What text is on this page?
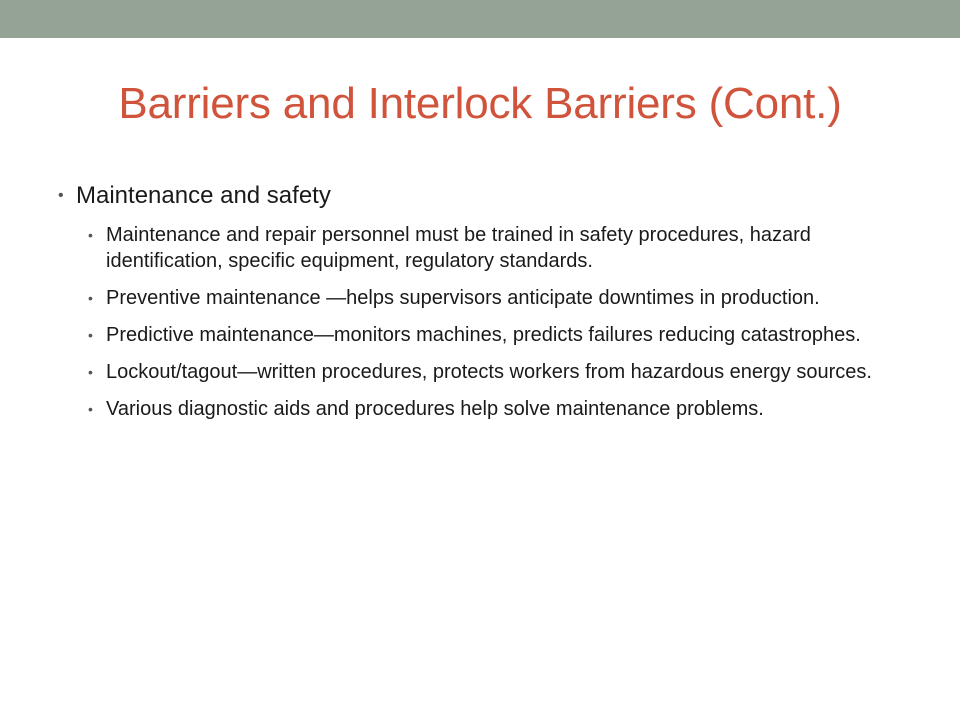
Barriers and Interlock Barriers (Cont.)
• Maintenance and safety
• Maintenance and repair personnel must be trained in safety procedures, hazard identification, specific equipment, regulatory standards.
• Preventive maintenance —helps supervisors anticipate downtimes in production.
• Predictive maintenance—monitors machines, predicts failures reducing catastrophes.
• Lockout/tagout—written procedures, protects workers from hazardous energy sources.
• Various diagnostic aids and procedures help solve maintenance problems.
